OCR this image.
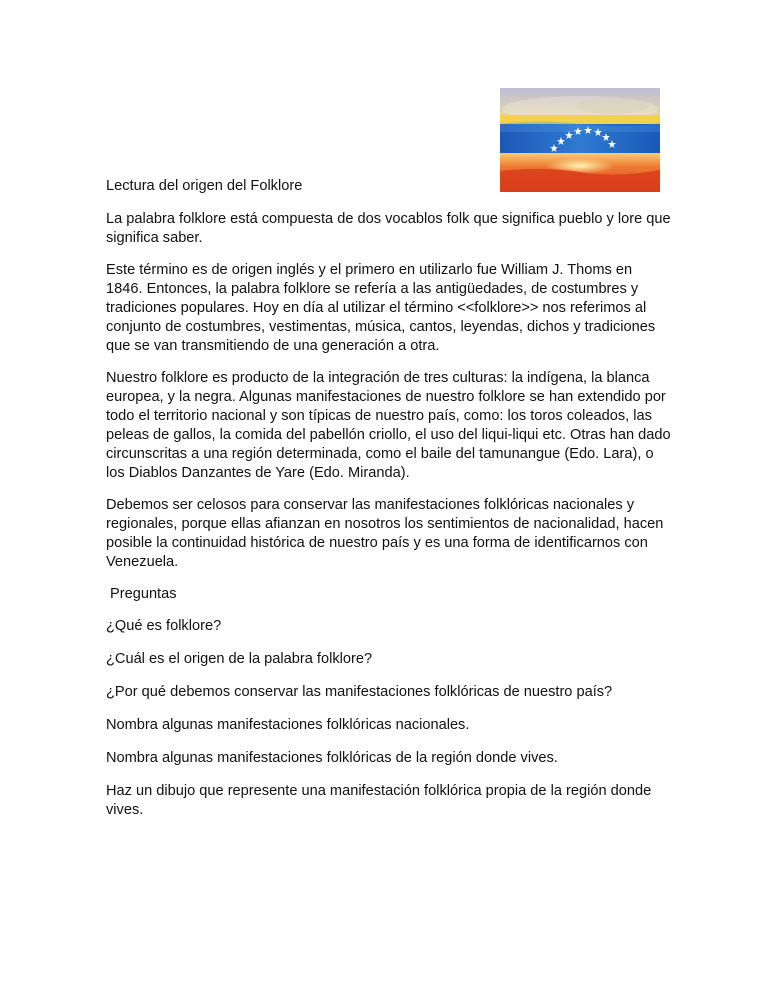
Lectura del origen del Folklore

La palabra folklore está compuesta de dos vocablos folk que significa pueblo y lore que significa saber.

Este término es de origen inglés y el primero en utilizarlo fue William J. Thoms en 1846. Entonces, la palabra folklore se refería a las antigüedades, de costumbres y tradiciones populares. Hoy en día al utilizar el término <<folklore>> nos referimos al conjunto de costumbres, vestimentas, música, cantos, leyendas, dichos y tradiciones que se van transmitiendo de una generación a otra.

Nuestro folklore es producto de la integración de tres culturas: la indígena, la blanca europea, y la negra. Algunas manifestaciones de nuestro folklore se han extendido por todo el territorio nacional y son típicas de nuestro país, como: los toros coleados, las peleas de gallos, la comida del pabellón criollo, el uso del liqui-liqui etc. Otras han dado circunscritas a una región determinada, como el baile del tamunangue (Edo. Lara), o los Diablos Danzantes de Yare (Edo. Miranda).

Debemos ser celosos para conservar las manifestaciones folklóricas nacionales y regionales, porque ellas afianzan en nosotros los sentimientos de nacionalidad, hacen posible la continuidad histórica de nuestro país y es una forma de identificarnos con Venezuela.

Preguntas

¿Qué es folklore?

¿Cuál es el origen de la palabra folklore?

¿Por qué debemos conservar las manifestaciones folklóricas de nuestro país?

Nombra algunas manifestaciones folklóricas nacionales.

Nombra algunas manifestaciones folklóricas de la región donde vives.

Haz un dibujo que represente una manifestación folklórica propia de la región donde vives.
